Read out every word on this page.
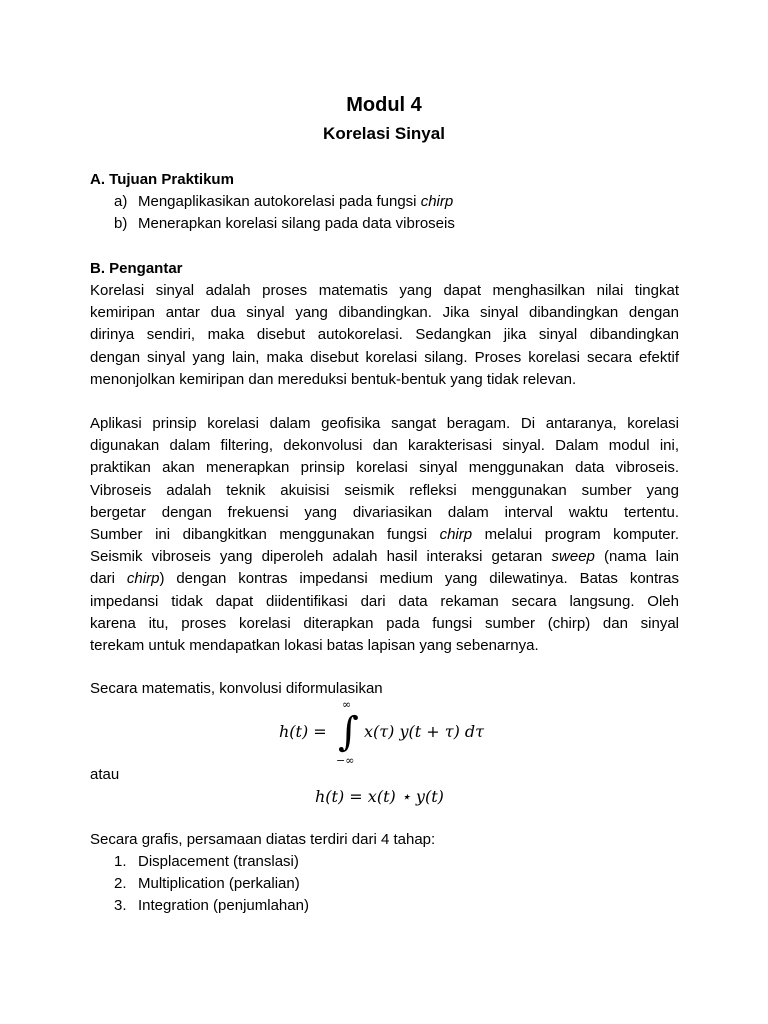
Modul 4
Korelasi Sinyal

A. Tujuan Praktikum

a) Mengaplikasikan autokorelasi pada fungsi chirp

b) Menerapkan korelasi silang pada data vibroseis

B. Pengantar

Korelasi sinyal adalah proses matematis yang dapat menghasilkan nilai tingkat
kemiripan antar dua sinyal yang dibandingkan. Jika sinyal dibandingkan dengan
dirinya sendiri, maka disebut autokorelasi. Sedangkan jika sinyal dibandingkan
dengan sinyal yang lain, maka disebut korelasi silang. Proses korelasi secara efektif
menonjolkan kemiripan dan mereduksi bentuk-bentuk yang tidak relevan.
Aplikasi prinsip korelasi dalam geofisika sangat beragam. Di antaranya, korelasi
digunakan dalam filtering, dekonvolusi dan karakterisasi sinyal. Dalam modul ini,
praktikan akan menerapkan prinsip korelasi sinyal menggunakan data vibroseis.
Vibroseis adalah teknik akuisisi seismik refleksi menggunakan sumber yang
bergetar dengan frekuensi yang divariasikan dalam interval waktu tertentu.
Sumber ini dibangkitkan menggunakan fungsi chirp melalui program komputer.
Seismik vibroseis yang diperoleh adalah hasil interaksi getaran sweep (nama lain
dari chirp) dengan kontras impedansi medium yang dilewatinya. Batas kontras
impedansi tidak dapat diidentifikasi dari data rekaman secara langsung. Oleh
karena itu, proses korelasi diterapkan pada fungsi sumber (chirp) dan sinyal
terekam untuk mendapatkan lokasi batas lapisan yang sebenarnya.

Secara matematis, konvolusi diformulasikan

h(t) =
∞
∫
−∞
x(τ) y(t + τ) dτ

atau

h(t) = x(t) ⋆ y(t)

Secara grafis, persamaan diatas terdiri dari 4 tahap:

1. Displacement (translasi)

2. Multiplication (perkalian)

3. Integration (penjumlahan)
